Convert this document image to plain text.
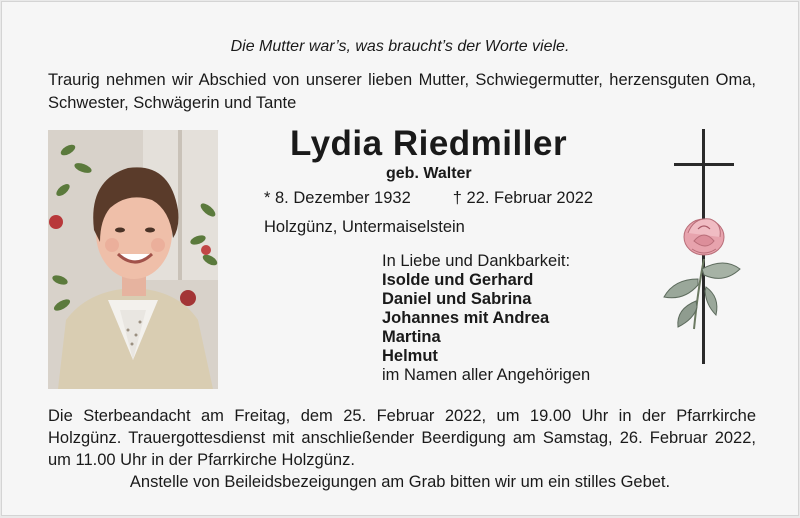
Die Mutter war’s, was braucht’s der Worte viele.
Traurig nehmen wir Abschied von unserer lieben Mutter, Schwiegermutter, herzensguten Oma, Schwester, Schwägerin und Tante
Lydia Riedmiller
geb. Walter
* 8. Dezember 1932	† 22. Februar 2022
Holzgünz, Untermaiselstein
In Liebe und Dankbarkeit:
Isolde und Gerhard
Daniel und Sabrina
Johannes mit Andrea
Martina
Helmut
im Namen aller Angehörigen
Die Sterbeandacht am Freitag, dem 25. Februar 2022, um 19.00 Uhr in der Pfarrkirche Holzgünz. Trauergottesdienst mit anschließender Beerdigung am Samstag, 26. Februar 2022, um 11.00 Uhr in der Pfarrkirche Holzgünz.
Anstelle von Beileidsbezeigungen am Grab bitten wir um ein stilles Gebet.
